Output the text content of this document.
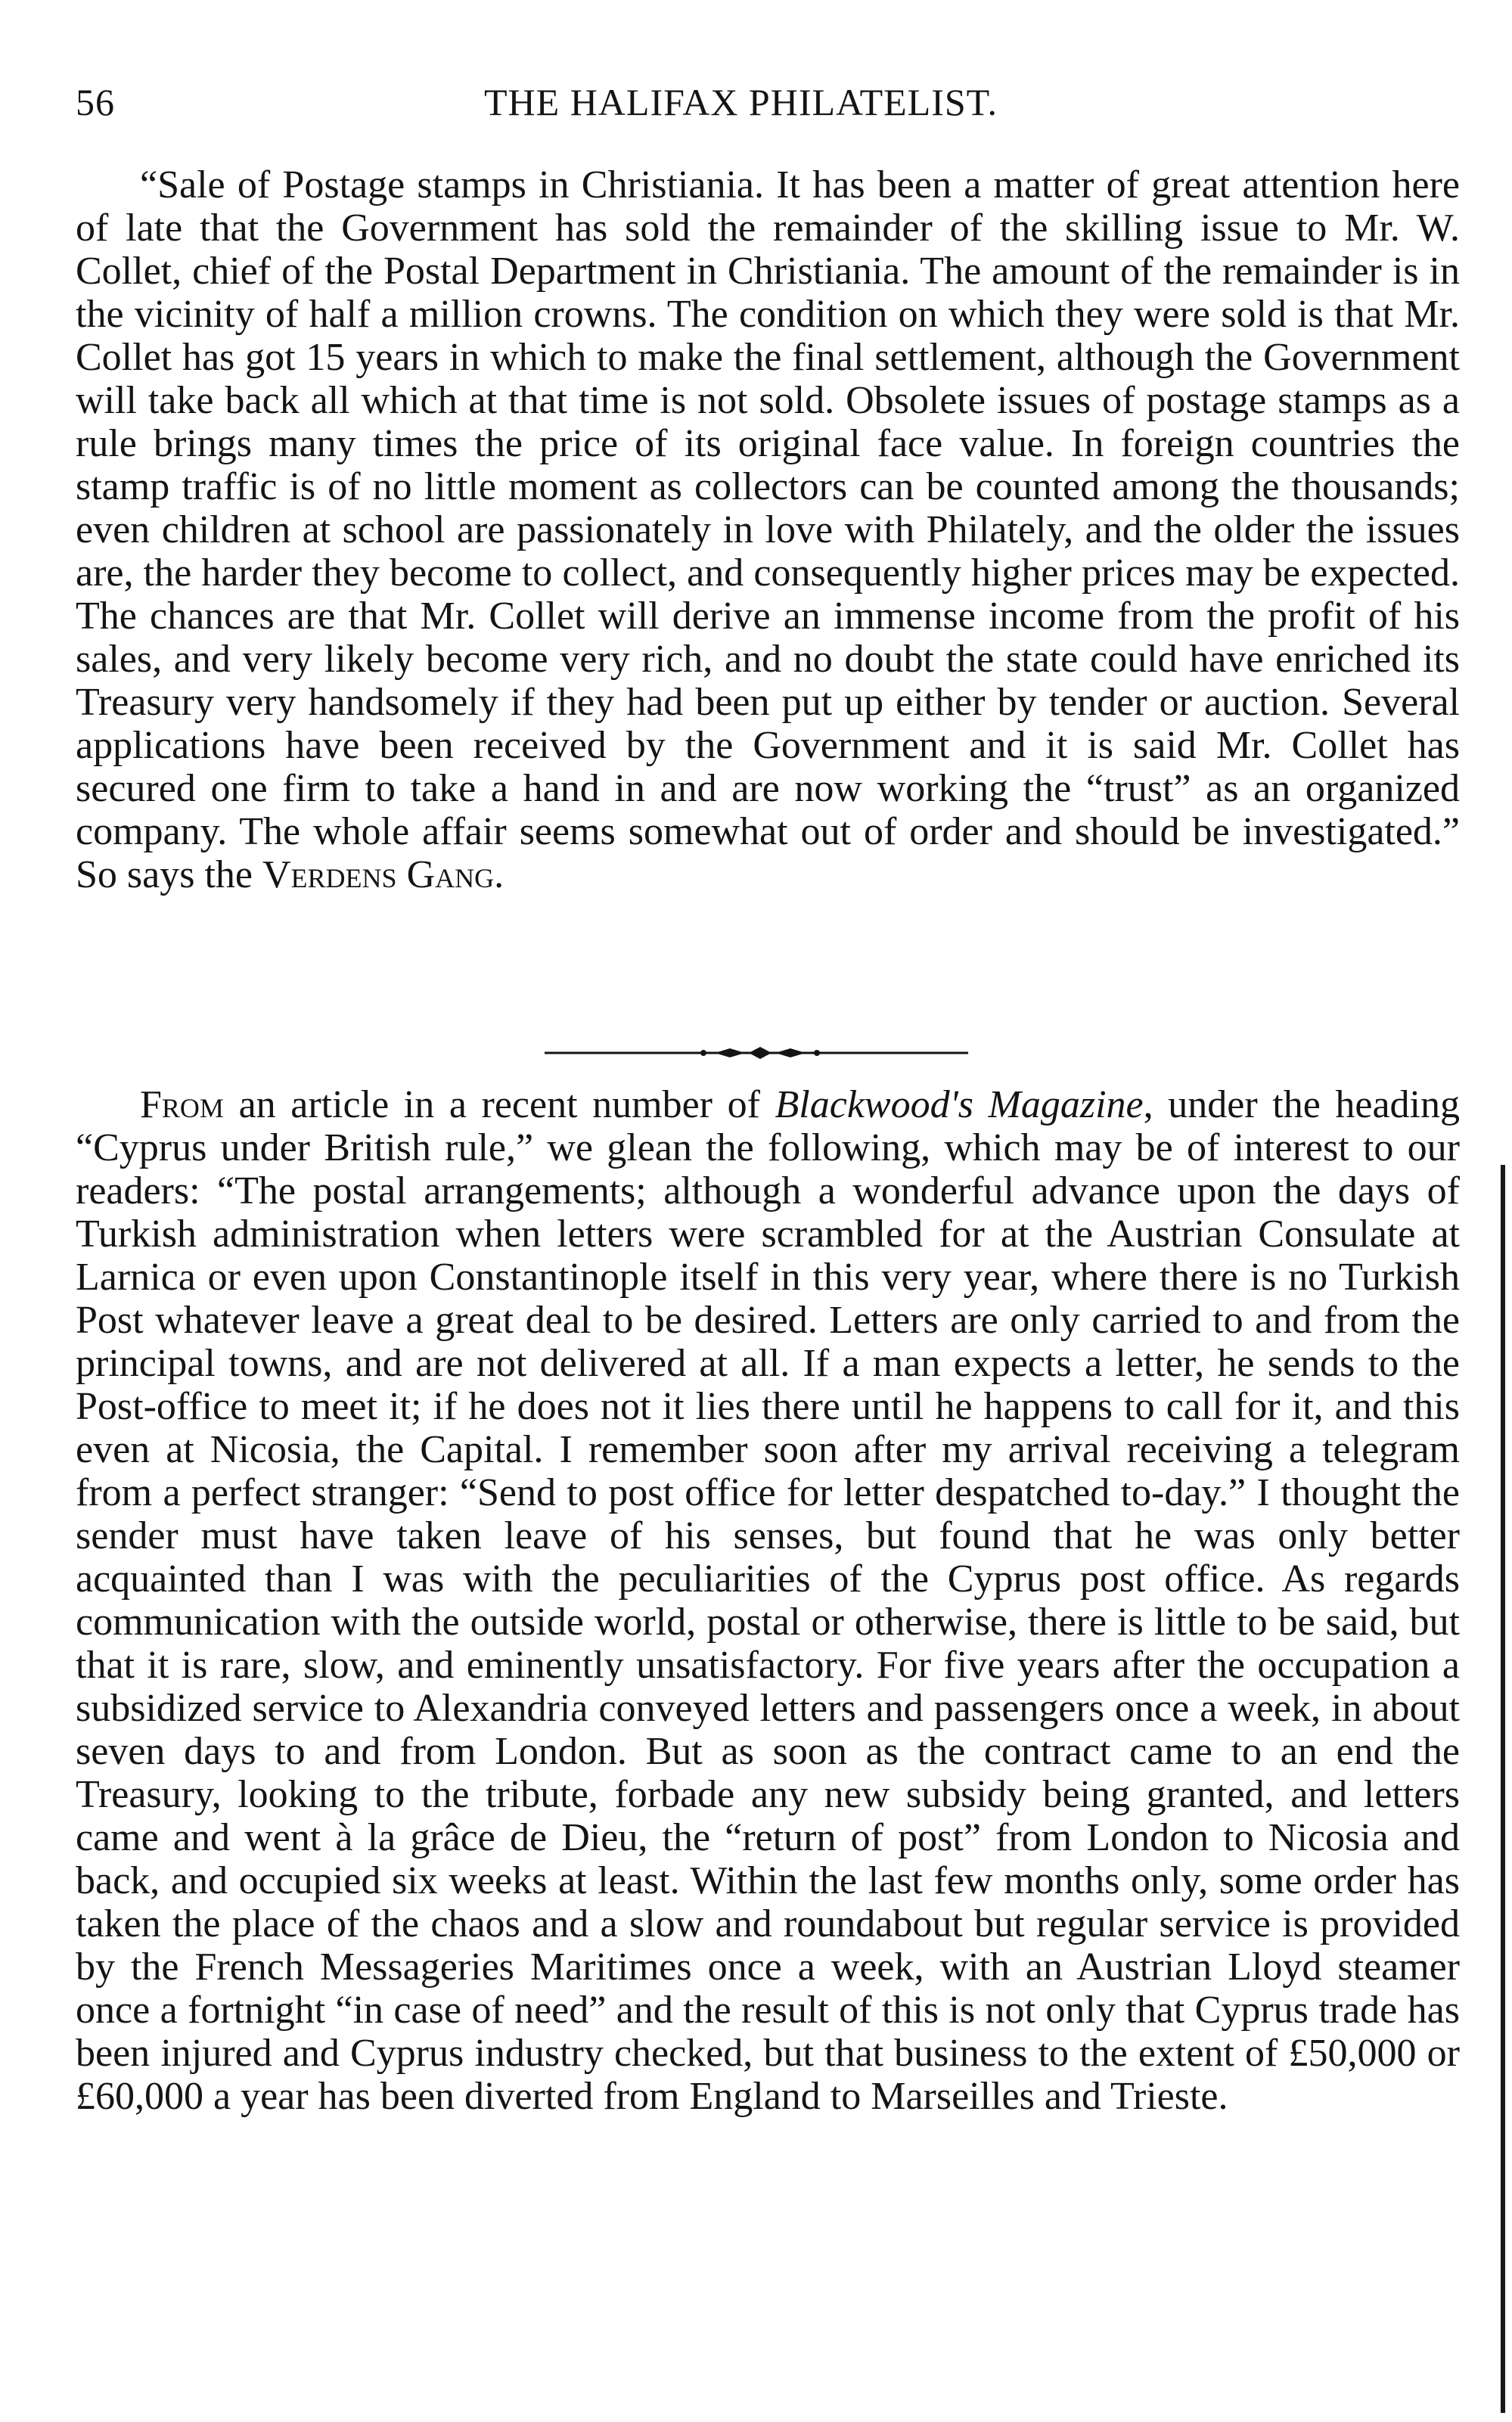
56	THE HALIFAX PHILATELIST.

“Sale of Postage stamps in Christiania. It has been a matter of great attention here of late that the Government has sold the remainder of the skilling issue to Mr. W. Collet, chief of the Postal Department in Christiania. The amount of the remainder is in the vicinity of half a million crowns. The condition on which they were sold is that Mr. Collet has got 15 years in which to make the final settlement, although the Government will take back all which at that time is not sold. Obsolete issues of postage stamps as a rule brings many times the price of its original face value. In foreign countries the stamp traffic is of no little moment as collectors can be counted among the thousands; even children at school are passionately in love with Philately, and the older the issues are, the harder they become to collect, and consequently higher prices may be expected. The chances are that Mr. Collet will derive an immense income from the profit of his sales, and very likely become very rich, and no doubt the state could have enriched its Treasury very handsomely if they had been put up either by tender or auction. Several applications have been received by the Government and it is said Mr. Collet has secured one firm to take a hand in and are now working the “trust” as an organized company. The whole affair seems somewhat out of order and should be investigated.” So says the Verdens Gang.

From an article in a recent number of Blackwood's Magazine, under the heading “Cyprus under British rule,” we glean the following, which may be of interest to our readers: “The postal arrangements; although a wonderful advance upon the days of Turkish administration when letters were scrambled for at the Austrian Consulate at Larnica or even upon Constantinople itself in this very year, where there is no Turkish Post whatever leave a great deal to be desired. Letters are only carried to and from the principal towns, and are not delivered at all. If a man expects a letter, he sends to the Post-office to meet it; if he does not it lies there until he happens to call for it, and this even at Nicosia, the Capital. I remember soon after my arrival receiving a telegram from a perfect stranger: “Send to post office for letter despatched to-day.” I thought the sender must have taken leave of his senses, but found that he was only better acquainted than I was with the peculiarities of the Cyprus post office. As regards communication with the outside world, postal or otherwise, there is little to be said, but that it is rare, slow, and eminently unsatisfactory. For five years after the occupation a subsidized service to Alexandria conveyed letters and passengers once a week, in about seven days to and from London. But as soon as the contract came to an end the Treasury, looking to the tribute, forbade any new subsidy being granted, and letters came and went à la grâce de Dieu, the “return of post” from London to Nicosia and back, and occupied six weeks at least. Within the last few months only, some order has taken the place of the chaos and a slow and roundabout but regular service is provided by the French Messageries Maritimes once a week, with an Austrian Lloyd steamer once a fortnight “in case of need” and the result of this is not only that Cyprus trade has been injured and Cyprus industry checked, but that business to the extent of £50,000 or £60,000 a year has been diverted from England to Marseilles and Trieste.
